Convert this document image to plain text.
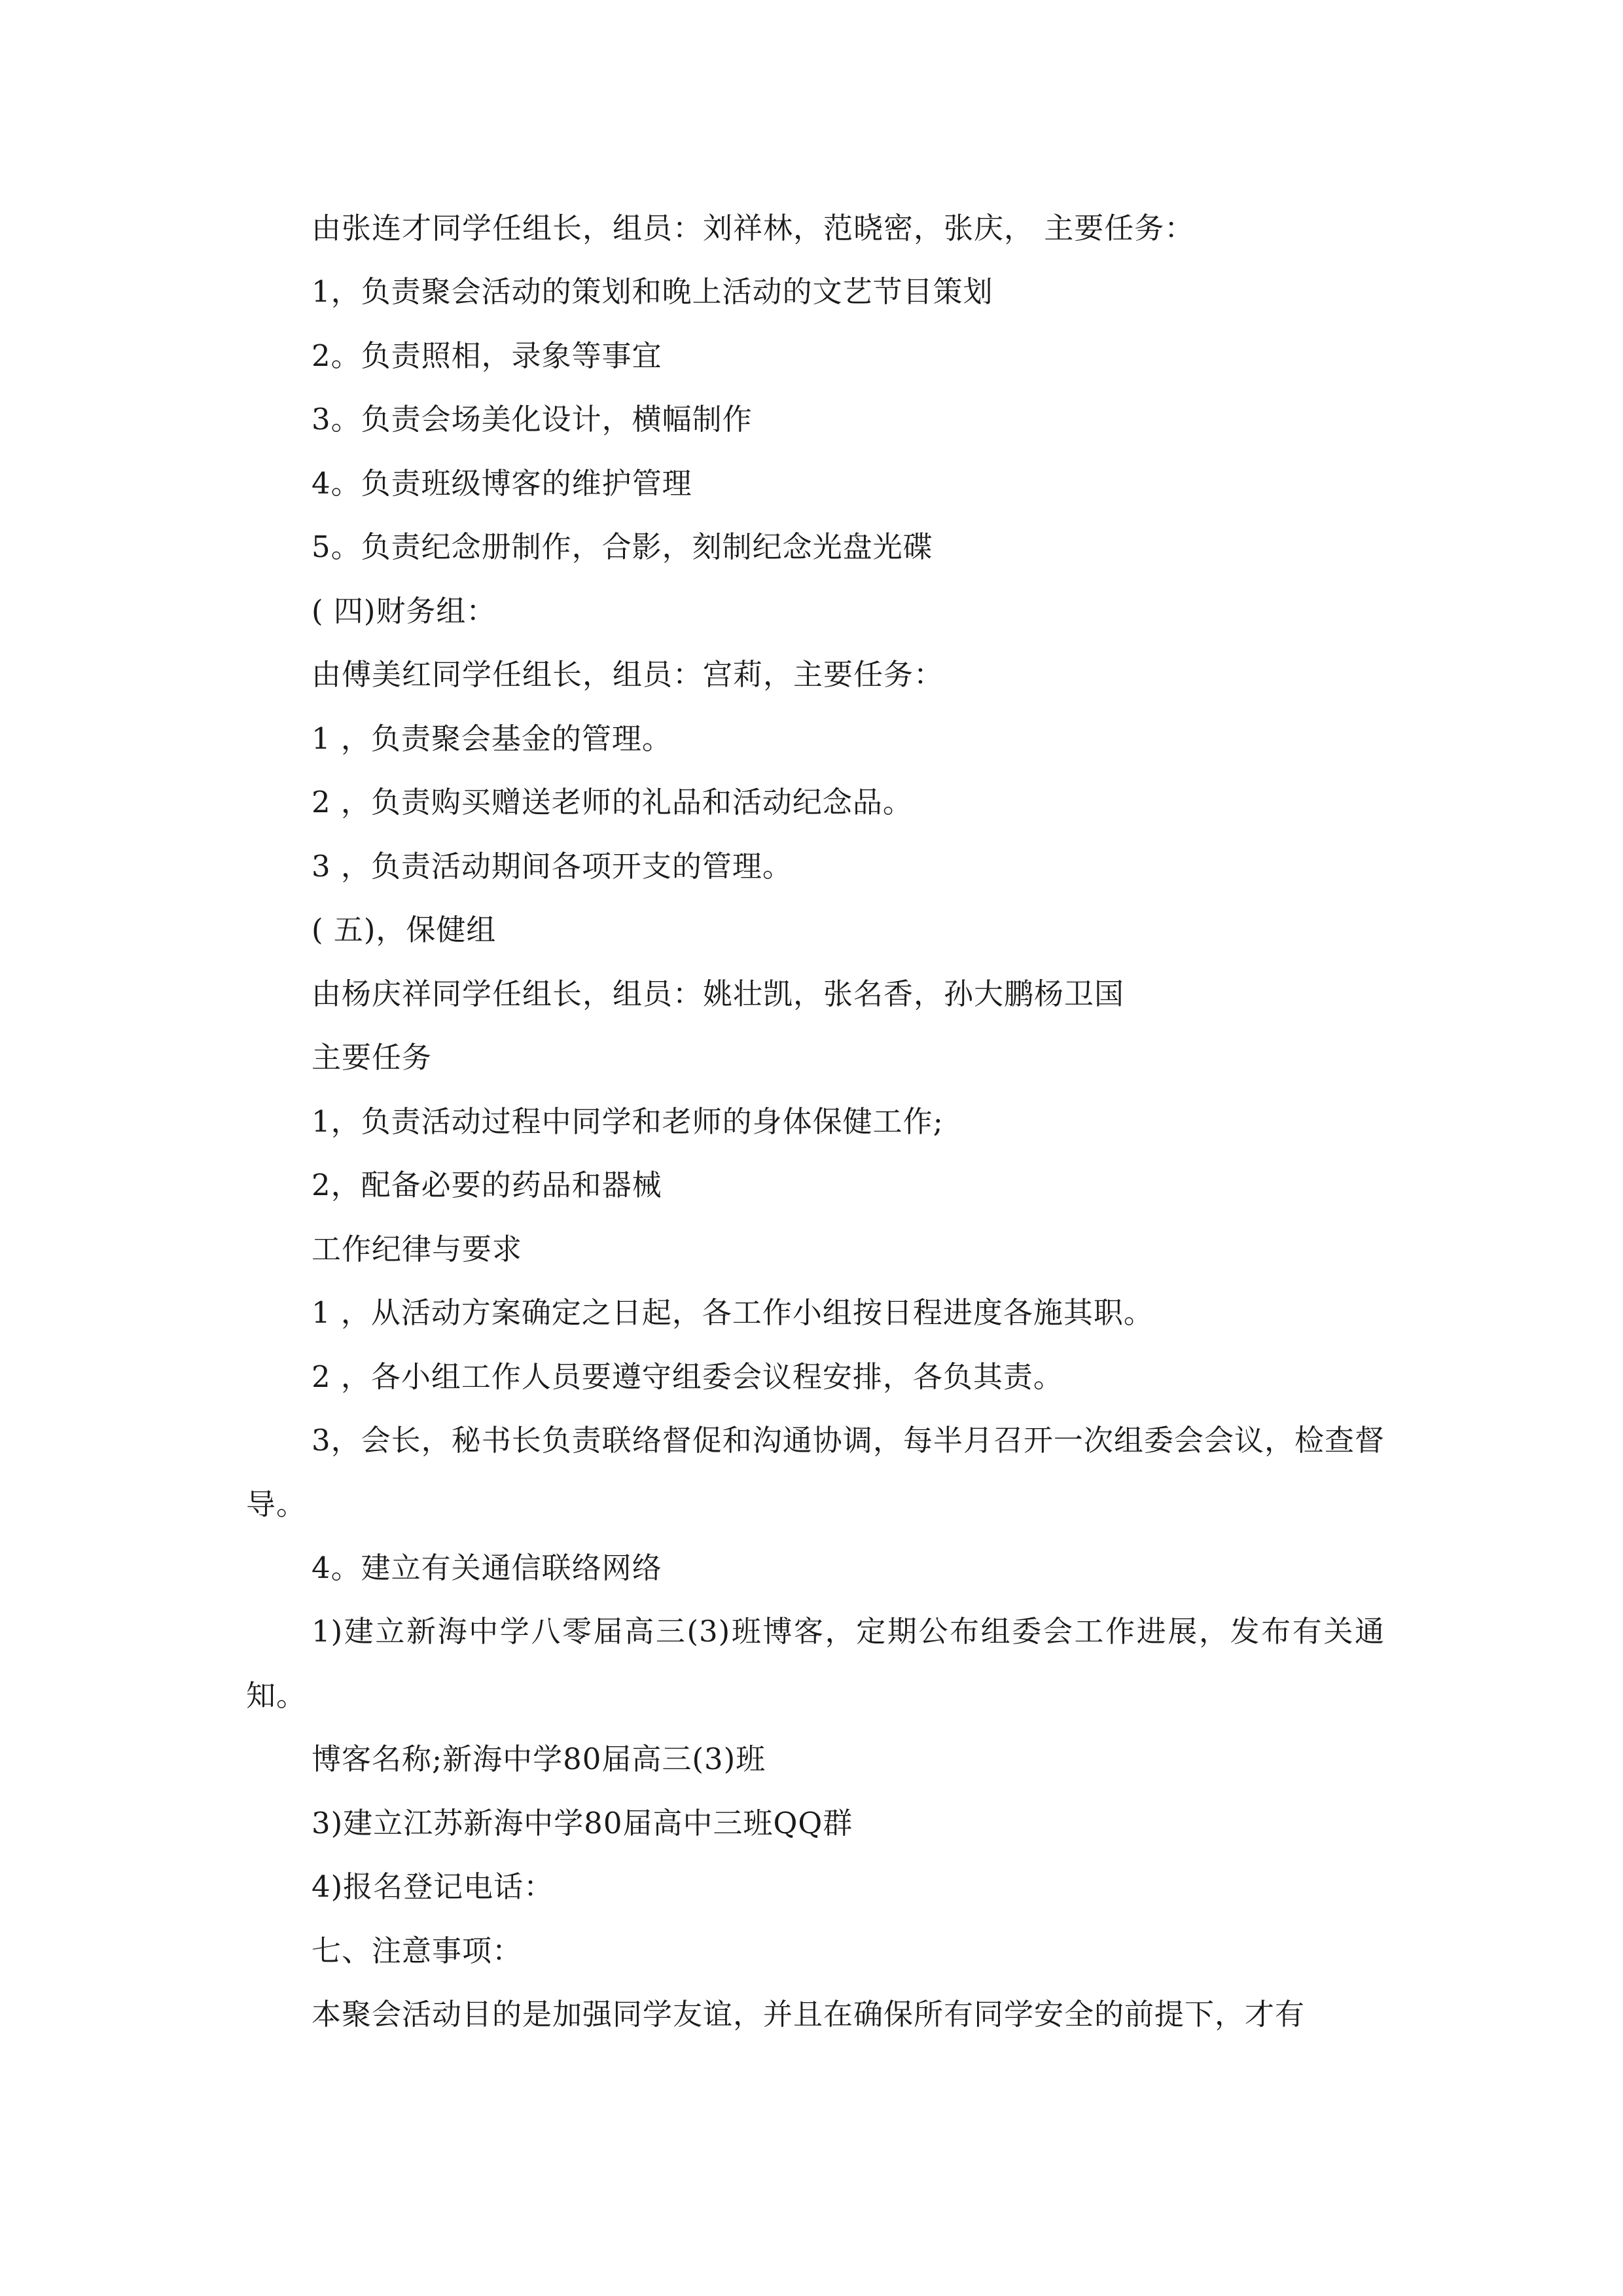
由张连才同学任组长，组员：刘祥林，范晓密，张庆， 主要任务：
1，负责聚会活动的策划和晚上活动的文艺节目策划
2。负责照相，录象等事宜
3。负责会场美化设计，横幅制作
4。负责班级博客的维护管理
5。负责纪念册制作，合影，刻制纪念光盘光碟
( 四)财务组：
由傅美红同学任组长，组员：宫莉，主要任务：
1 ，负责聚会基金的管理。
2 ，负责购买赠送老师的礼品和活动纪念品。
3 ，负责活动期间各项开支的管理。
( 五)，保健组
由杨庆祥同学任组长，组员：姚壮凯，张名香，孙大鹏杨卫国
主要任务
1，负责活动过程中同学和老师的身体保健工作;
2，配备必要的药品和器械
工作纪律与要求
1 ，从活动方案确定之日起，各工作小组按日程进度各施其职。
2 ，各小组工作人员要遵守组委会议程安排，各负其责。
3，会长，秘书长负责联络督促和沟通协调，每半月召开一次组委会会议，检查督导。
4。建立有关通信联络网络
1)建立新海中学八零届高三(3)班博客，定期公布组委会工作进展，发布有关通知。
博客名称;新海中学80届高三(3)班
3)建立江苏新海中学80届高中三班QQ群
4)报名登记电话：
七、注意事项：
本聚会活动目的是加强同学友谊，并且在确保所有同学安全的前提下，才有
